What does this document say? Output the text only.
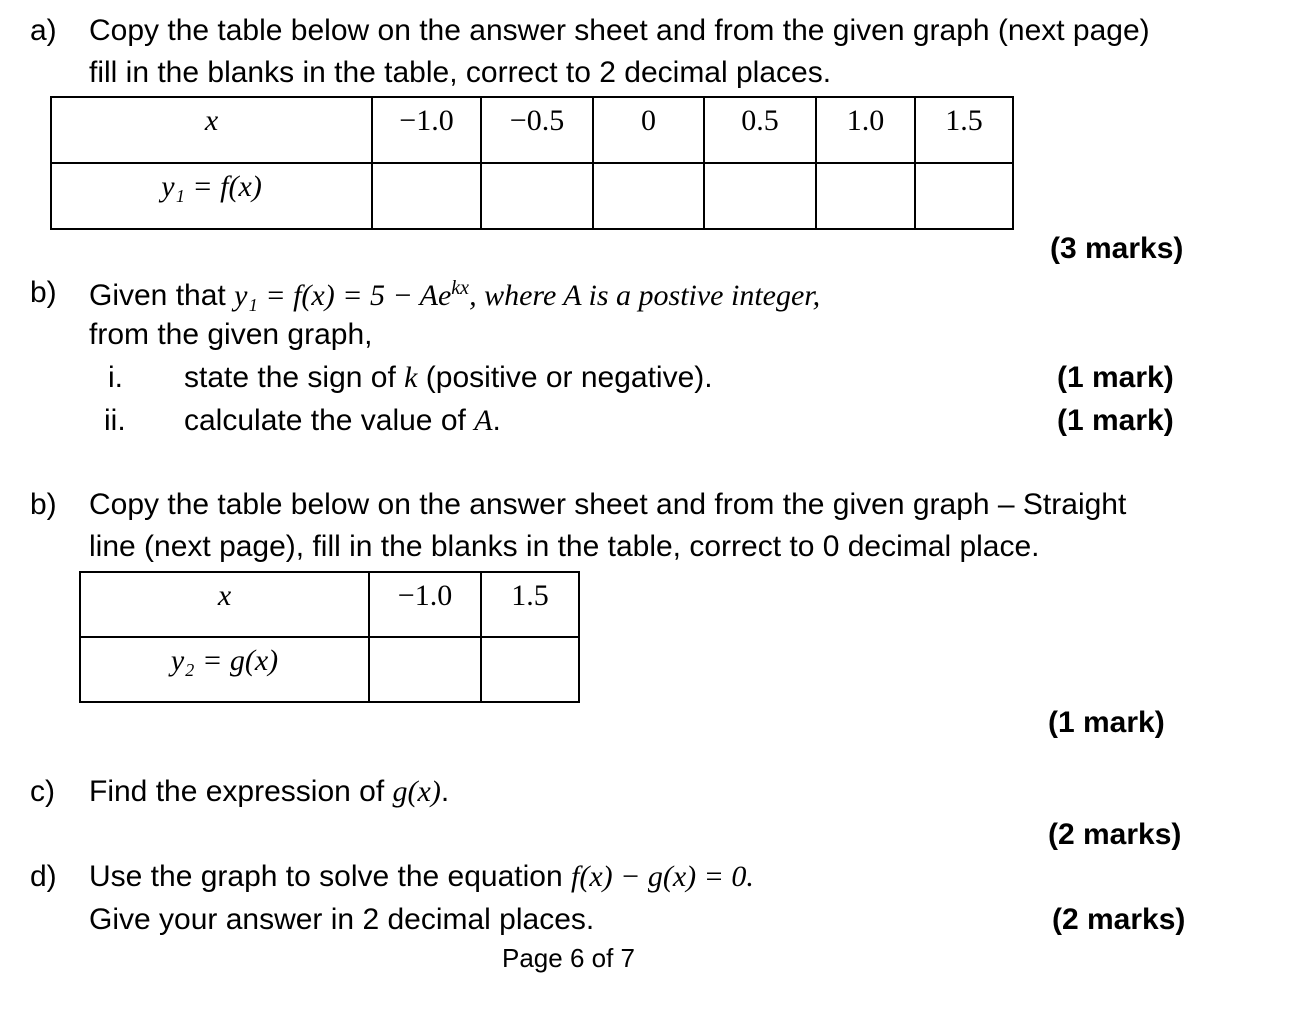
a) Copy the table below on the answer sheet and from the given graph (next page)
fill in the blanks in the table, correct to 2 decimal places.
x	−1.0	−0.5	0	0.5	1.0	1.5
y₁ = f(x)						
(3 marks)
b) Given that $y_1 = f(x) = 5 - Ae^{kx}$, where A is a postive integer,
from the given graph,
i. state the sign of k (positive or negative).	(1 mark)
ii. calculate the value of A.	(1 mark)
b) Copy the table below on the answer sheet and from the given graph – Straight
line (next page), fill in the blanks in the table, correct to 0 decimal place.
x	−1.0	1.5
y₂ = g(x)		
(1 mark)
c) Find the expression of g(x).
(2 marks)
d) Use the graph to solve the equation f(x) − g(x) = 0.
Give your answer in 2 decimal places.	(2 marks)
Page 6 of 7
